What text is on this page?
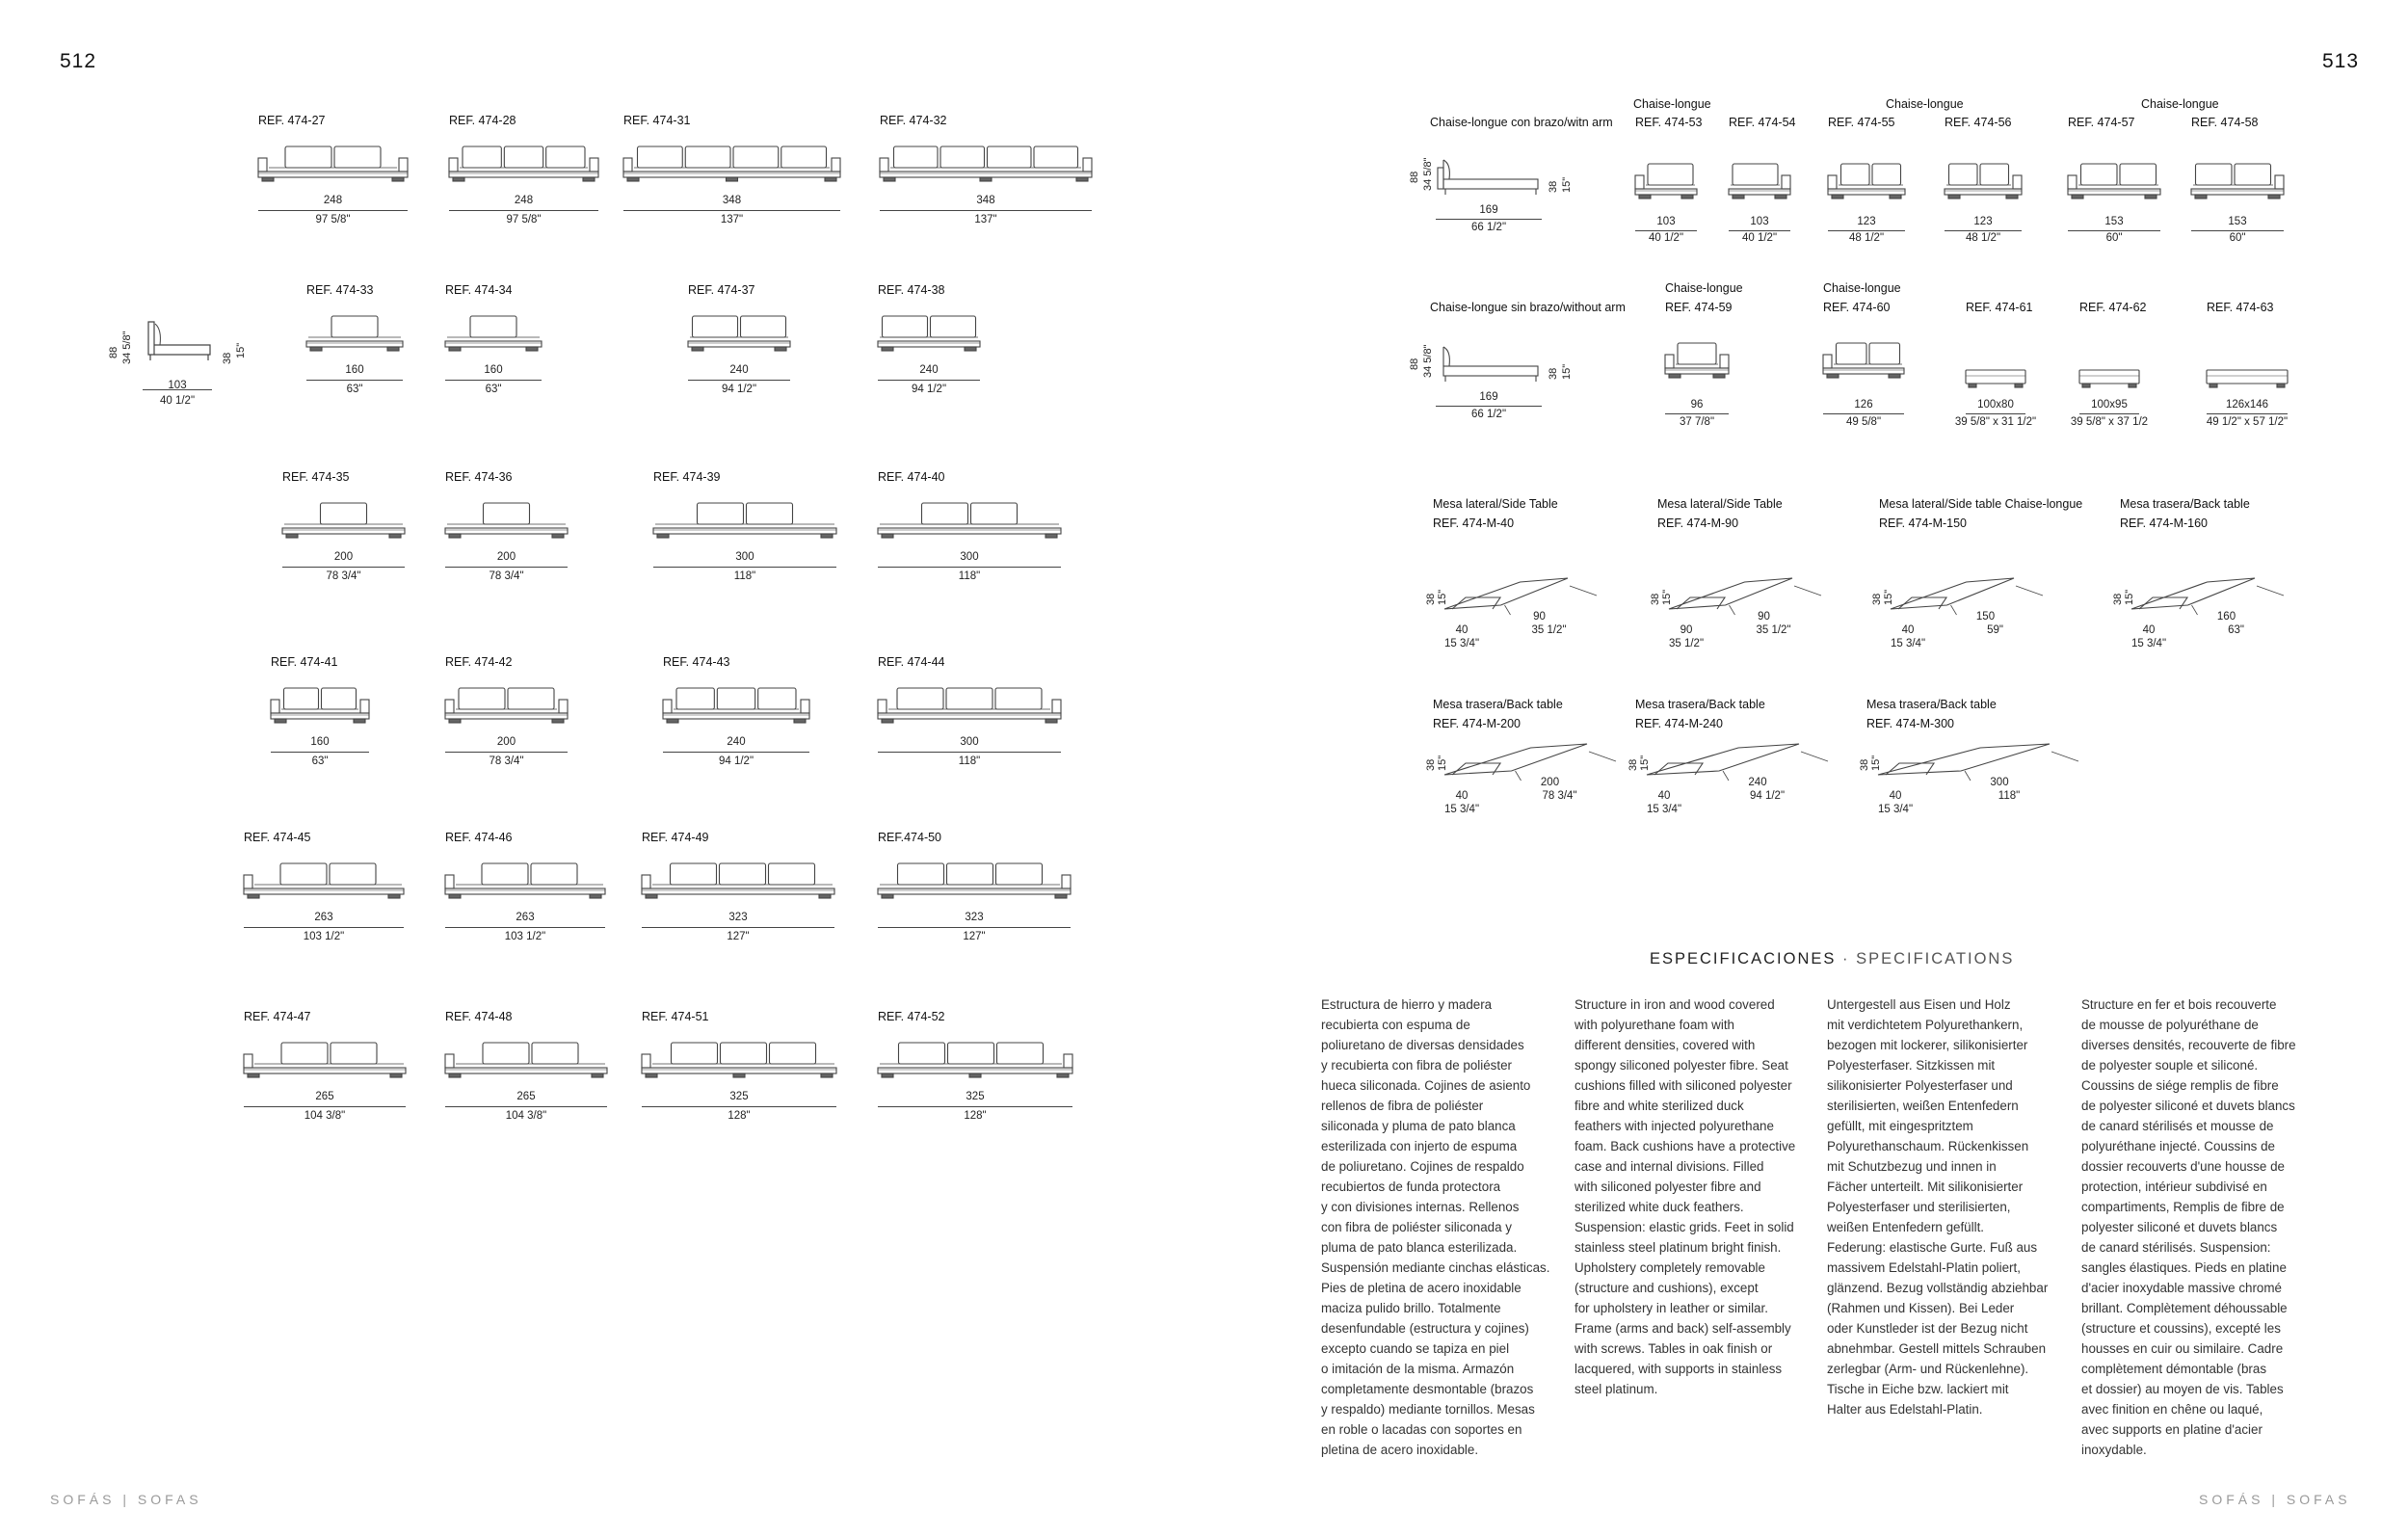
512	513
SOFÁS | SOFAS	SOFÁS | SOFAS
REF. 474-27
248
97 5/8"
REF. 474-28
248
97 5/8"
REF. 474-31
348
137"
REF. 474-32
348
137"
REF. 474-33
160
63"
REF. 474-34
160
63"
REF. 474-37
240
94 1/2"
REF. 474-38
240
94 1/2"
REF. 474-35
200
78 3/4"
REF. 474-36
200
78 3/4"
REF. 474-39
300
118"
REF. 474-40
300
118"
REF. 474-41
160
63"
REF. 474-42
200
78 3/4"
REF. 474-43
240
94 1/2"
REF. 474-44
300
118"
REF. 474-45
263
103 1/2"
REF. 474-46
263
103 1/2"
REF. 474-49
323
127"
REF.474-50
323
127"
REF. 474-47
265
104 3/8"
REF. 474-48
265
104 3/8"
REF. 474-51
325
128"
REF. 474-52
325
128"
88 34 5/8"	38 15"
103
40 1/2"
Chaise-longue con brazo/witn arm
Chaise-longue	Chaise-longue	Chaise-longue
88 34 5/8"	38 15"
169
66 1/2"
REF. 474-53
103
40 1/2"
REF. 474-54
103
40 1/2"
REF. 474-55
123
48 1/2"
REF. 474-56
123
48 1/2"
REF. 474-57
153
60"
REF. 474-58
153
60"
Chaise-longue sin brazo/without arm
88 34 5/8"	38 15"
169
66 1/2"
Chaise-longue
REF. 474-59
96
37 7/8"
Chaise-longue
REF. 474-60
126
49 5/8"
REF. 474-61
100x80
39 5/8" x 31 1/2"
REF. 474-62
100x95
39 5/8" x 37 1/2
REF. 474-63
126x146
49 1/2" x 57 1/2"
Mesa lateral/Side Table
REF. 474-M-40
38 15"
40
15 3/4"
90
35 1/2"
Mesa lateral/Side Table
REF. 474-M-90
38 15"
90
35 1/2"
90
35 1/2"
Mesa lateral/Side table Chaise-longue
REF. 474-M-150
38 15"
40
15 3/4"
150
59"
Mesa trasera/Back table
REF. 474-M-160
38 15"
40
15 3/4"
160
63"
Mesa trasera/Back table
REF. 474-M-200
38 15"
40
15 3/4"
200
78 3/4"
Mesa trasera/Back table
REF. 474-M-240
38 15"
40
15 3/4"
240
94 1/2"
Mesa trasera/Back table
REF. 474-M-300
38 15"
40
15 3/4"
300
118"
ESPECIFICACIONES · SPECIFICATIONS

Estructura de hierro y madera

recubierta con espuma de

poliuretano de diversas densidades

y recubierta con fibra de poliéster

hueca siliconada. Cojines de asiento

rellenos de fibra de poliéster

siliconada y pluma de pato blanca

esterilizada con injerto de espuma

de poliuretano. Cojines de respaldo

recubiertos de funda protectora

y con divisiones internas. Rellenos

con fibra de poliéster siliconada y

pluma de pato blanca esterilizada.

Suspensión mediante cinchas elásticas.

Pies de pletina de acero inoxidable

maciza pulido brillo. Totalmente

desenfundable (estructura y cojines)

excepto cuando se tapiza en piel

o imitación de la misma. Armazón

completamente desmontable (brazos

y respaldo) mediante tornillos. Mesas

en roble o lacadas con soportes en

pletina de acero inoxidable.

Structure in iron and wood covered

with polyurethane foam with

different densities, covered with

spongy siliconed polyester fibre. Seat

cushions filled with siliconed polyester

fibre and white sterilized duck

feathers with injected polyurethane

foam. Back cushions have a protective

case and internal divisions. Filled

with siliconed polyester fibre and

sterilized white duck feathers.

Suspension: elastic grids. Feet in solid

stainless steel platinum bright finish.

Upholstery completely removable

(structure and cushions), except

for upholstery in leather or similar.

Frame (arms and back) self-assembly

with screws. Tables in oak finish or

lacquered, with supports in stainless

steel platinum.

Untergestell aus Eisen und Holz

mit verdichtetem Polyurethankern,

bezogen mit lockerer, silikonisierter

Polyesterfaser. Sitzkissen mit

silikonisierter Polyesterfaser und

sterilisierten, weißen Entenfedern

gefüllt, mit eingespritztem

Polyurethanschaum. Rückenkissen

mit Schutzbezug und innen in

Fächer unterteilt. Mit silikonisierter

Polyesterfaser und sterilisierten,

weißen Entenfedern gefüllt.

Federung: elastische Gurte. Fuß aus

massivem Edelstahl-Platin poliert,

glänzend. Bezug vollständig abziehbar

(Rahmen und Kissen). Bei Leder

oder Kunstleder ist der Bezug nicht

abnehmbar. Gestell mittels Schrauben

zerlegbar (Arm- und Rückenlehne).

Tische in Eiche bzw. lackiert mit

Halter aus Edelstahl-Platin.

Structure en fer et bois recouverte

de mousse de polyuréthane de

diverses densités, recouverte de fibre

de polyester souple et siliconé.

Coussins de siége remplis de fibre

de polyester siliconé et duvets blancs

de canard stérilisés et mousse de

polyuréthane injecté. Coussins de

dossier recouverts d'une housse de

protection, intérieur subdivisé en

compartiments, Remplis de fibre de

polyester siliconé et duvets blancs

de canard stérilisés. Suspension:

sangles élastiques. Pieds en platine

d'acier inoxydable massive chromé

brillant. Complètement déhoussable

(structure et coussins), excepté les

housses en cuir ou similaire. Cadre

complètement démontable (bras

et dossier) au moyen de vis. Tables

avec finition en chêne ou laqué,

avec supports en platine d'acier

inoxydable.
